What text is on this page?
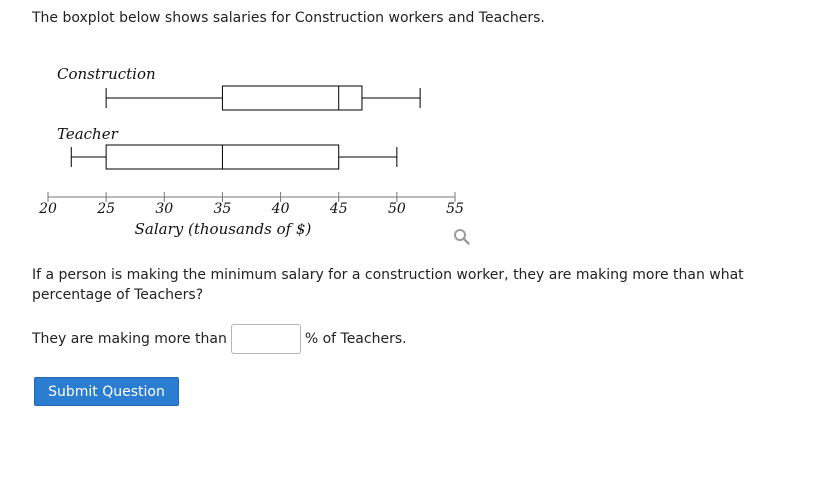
The boxplot below shows salaries for Construction workers and Teachers.
20	25	30	35	40	45	50	55
Salary (thousands of $)
Construction
Teacher
If a person is making the minimum salary for a construction worker, they are making more than what percentage of Teachers?
They are making more than	% of Teachers.
Submit Question
